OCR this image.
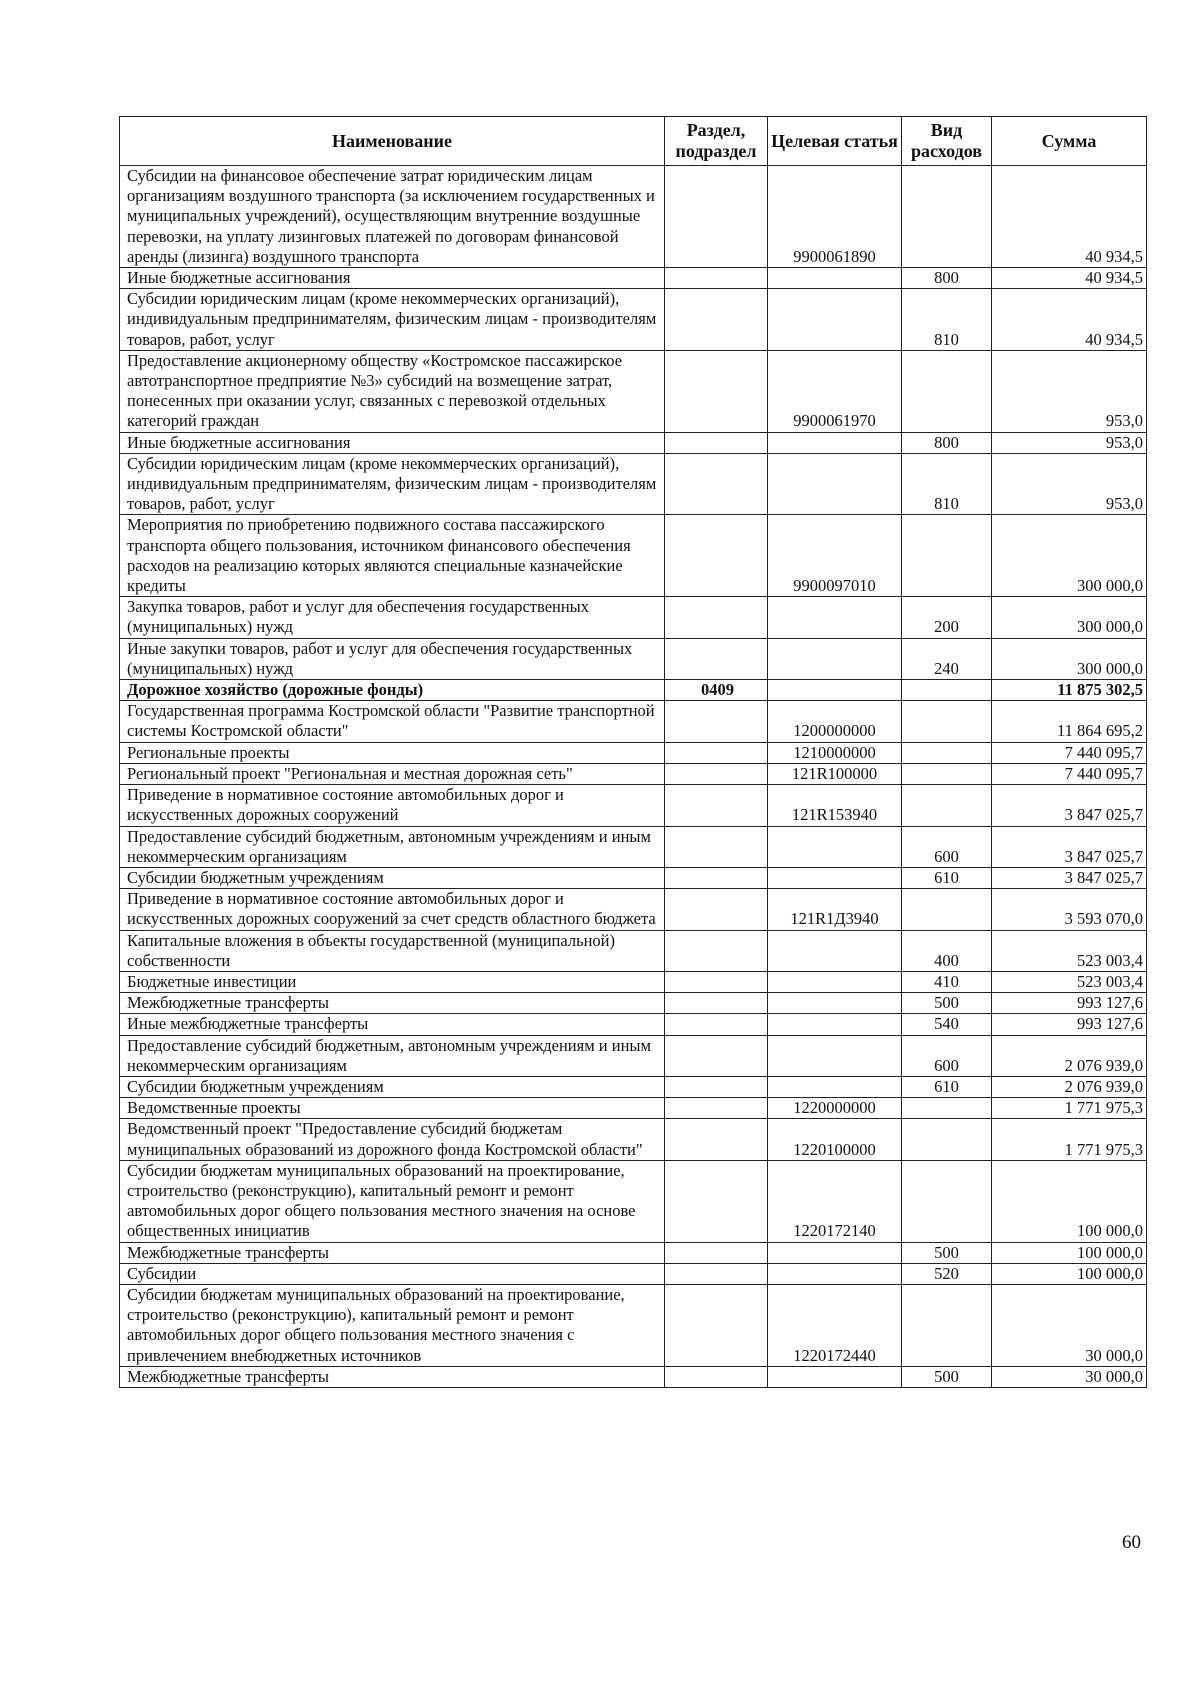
Наименование	Раздел, подраздел	Целевая статья	Вид расходов	Сумма
Субсидии на финансовое обеспечение затрат юридическим лицам организациям воздушного транспорта (за исключением государственных и муниципальных учреждений), осуществляющим внутренние воздушные перевозки, на уплату лизинговых платежей по договорам финансовой аренды (лизинга) воздушного транспорта		9900061890		40 934,5
Иные бюджетные ассигнования			800	40 934,5
Субсидии юридическим лицам (кроме некоммерческих организаций), индивидуальным предпринимателям, физическим лицам - производителям товаров, работ, услуг			810	40 934,5
Предоставление акционерному обществу «Костромское пассажирское автотранспортное предприятие №3» субсидий на возмещение затрат, понесенных при оказании услуг, связанных с перевозкой отдельных категорий граждан		9900061970		953,0
Иные бюджетные ассигнования			800	953,0
Субсидии юридическим лицам (кроме некоммерческих организаций), индивидуальным предпринимателям, физическим лицам - производителям товаров, работ, услуг			810	953,0
Мероприятия по приобретению подвижного состава пассажирского транспорта общего пользования, источником финансового обеспечения расходов на реализацию которых являются специальные казначейские кредиты		9900097010		300 000,0
Закупка товаров, работ и услуг для обеспечения государственных (муниципальных) нужд			200	300 000,0
Иные закупки товаров, работ и услуг для обеспечения государственных (муниципальных) нужд			240	300 000,0
Дорожное хозяйство (дорожные фонды)	0409			11 875 302,5
Государственная программа Костромской области "Развитие транспортной системы Костромской области"		1200000000		11 864 695,2
Региональные проекты		1210000000		7 440 095,7
Региональный проект "Региональная и местная дорожная сеть"		121R100000		7 440 095,7
Приведение в нормативное состояние автомобильных дорог и искусственных дорожных сооружений		121R153940		3 847 025,7
Предоставление субсидий бюджетным, автономным учреждениям и иным некоммерческим организациям			600	3 847 025,7
Субсидии бюджетным учреждениям			610	3 847 025,7
Приведение в нормативное состояние автомобильных дорог и искусственных дорожных сооружений за счет средств областного бюджета		121R1Д3940		3 593 070,0
Капитальные вложения в объекты государственной (муниципальной) собственности			400	523 003,4
Бюджетные инвестиции			410	523 003,4
Межбюджетные трансферты			500	993 127,6
Иные межбюджетные трансферты			540	993 127,6
Предоставление субсидий бюджетным, автономным учреждениям и иным некоммерческим организациям			600	2 076 939,0
Субсидии бюджетным учреждениям			610	2 076 939,0
Ведомственные проекты		1220000000		1 771 975,3
Ведомственный проект "Предоставление субсидий бюджетам муниципальных образований из дорожного фонда Костромской области"		1220100000		1 771 975,3
Субсидии бюджетам муниципальных образований на проектирование, строительство (реконструкцию), капитальный ремонт и ремонт автомобильных дорог общего пользования местного значения на основе общественных инициатив		1220172140		100 000,0
Межбюджетные трансферты			500	100 000,0
Субсидии			520	100 000,0
Субсидии бюджетам муниципальных образований на проектирование, строительство (реконструкцию), капитальный ремонт и ремонт автомобильных дорог общего пользования местного значения с привлечением внебюджетных источников		1220172440		30 000,0
Межбюджетные трансферты			500	30 000,0
60
